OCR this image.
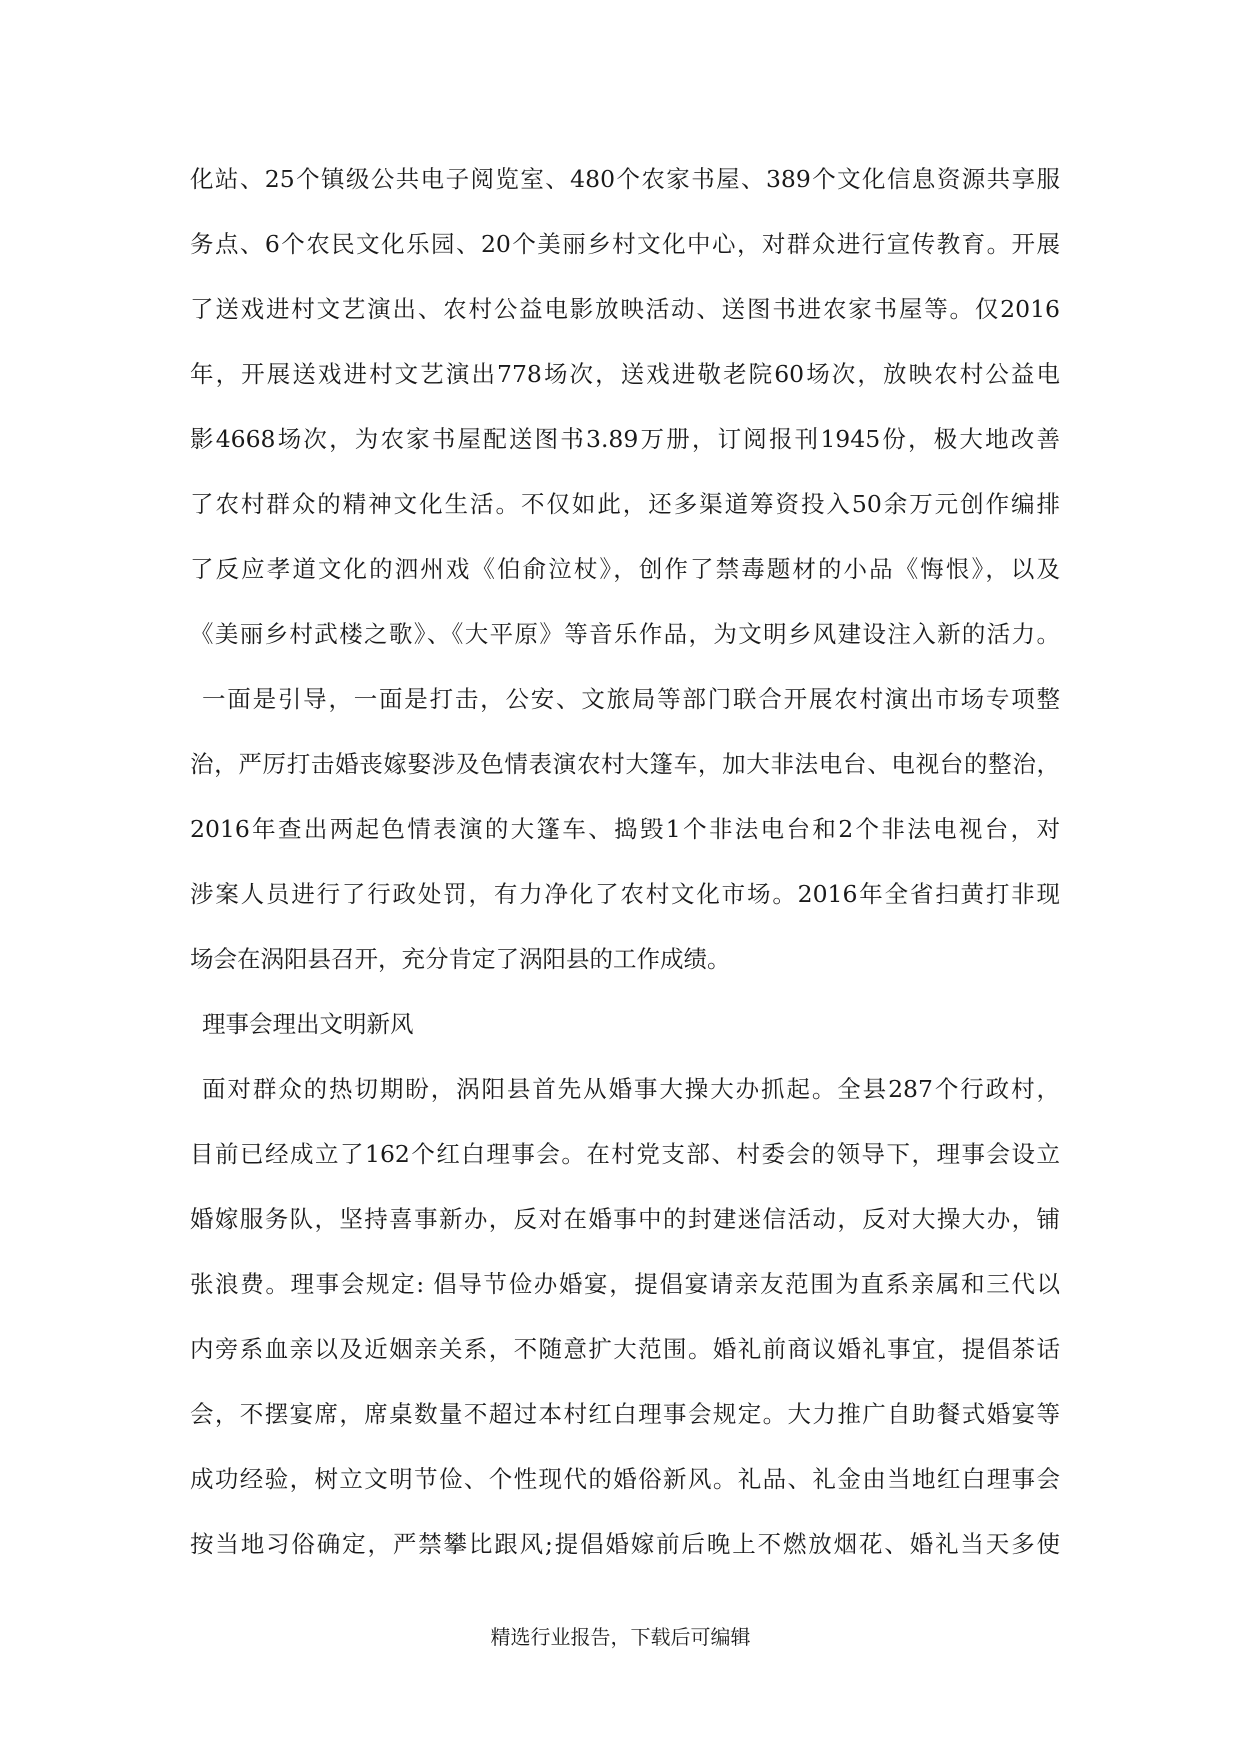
化站、25个镇级公共电子阅览室、480个农家书屋、389个文化信息资源共享服
务点、6个农民文化乐园、20个美丽乡村文化中心，对群众进行宣传教育。开展
了送戏进村文艺演出、农村公益电影放映活动、送图书进农家书屋等。仅2016
年，开展送戏进村文艺演出778场次，送戏进敬老院60场次，放映农村公益电
影4668场次，为农家书屋配送图书3.89万册，订阅报刊1945份，极大地改善
了农村群众的精神文化生活。不仅如此，还多渠道筹资投入50余万元创作编排
了反应孝道文化的泗州戏《伯俞泣杖》，创作了禁毒题材的小品《悔恨》，以及
《美丽乡村武楼之歌》、《大平原》等音乐作品，为文明乡风建设注入新的活力。
一面是引导，一面是打击，公安、文旅局等部门联合开展农村演出市场专项整
治，严厉打击婚丧嫁娶涉及色情表演农村大篷车，加大非法电台、电视台的整治，
2016年查出两起色情表演的大篷车、捣毁1个非法电台和2个非法电视台，对
涉案人员进行了行政处罚，有力净化了农村文化市场。2016年全省扫黄打非现
场会在涡阳县召开，充分肯定了涡阳县的工作成绩。
理事会理出文明新风
面对群众的热切期盼，涡阳县首先从婚事大操大办抓起。全县287个行政村，
目前已经成立了162个红白理事会。在村党支部、村委会的领导下，理事会设立
婚嫁服务队，坚持喜事新办，反对在婚事中的封建迷信活动，反对大操大办，铺
张浪费。理事会规定: 倡导节俭办婚宴，提倡宴请亲友范围为直系亲属和三代以
内旁系血亲以及近姻亲关系，不随意扩大范围。婚礼前商议婚礼事宜，提倡茶话
会，不摆宴席，席桌数量不超过本村红白理事会规定。大力推广自助餐式婚宴等
成功经验，树立文明节俭、个性现代的婚俗新风。礼品、礼金由当地红白理事会
按当地习俗确定，严禁攀比跟风;提倡婚嫁前后晚上不燃放烟花、婚礼当天多使
精选行业报告，下载后可编辑
